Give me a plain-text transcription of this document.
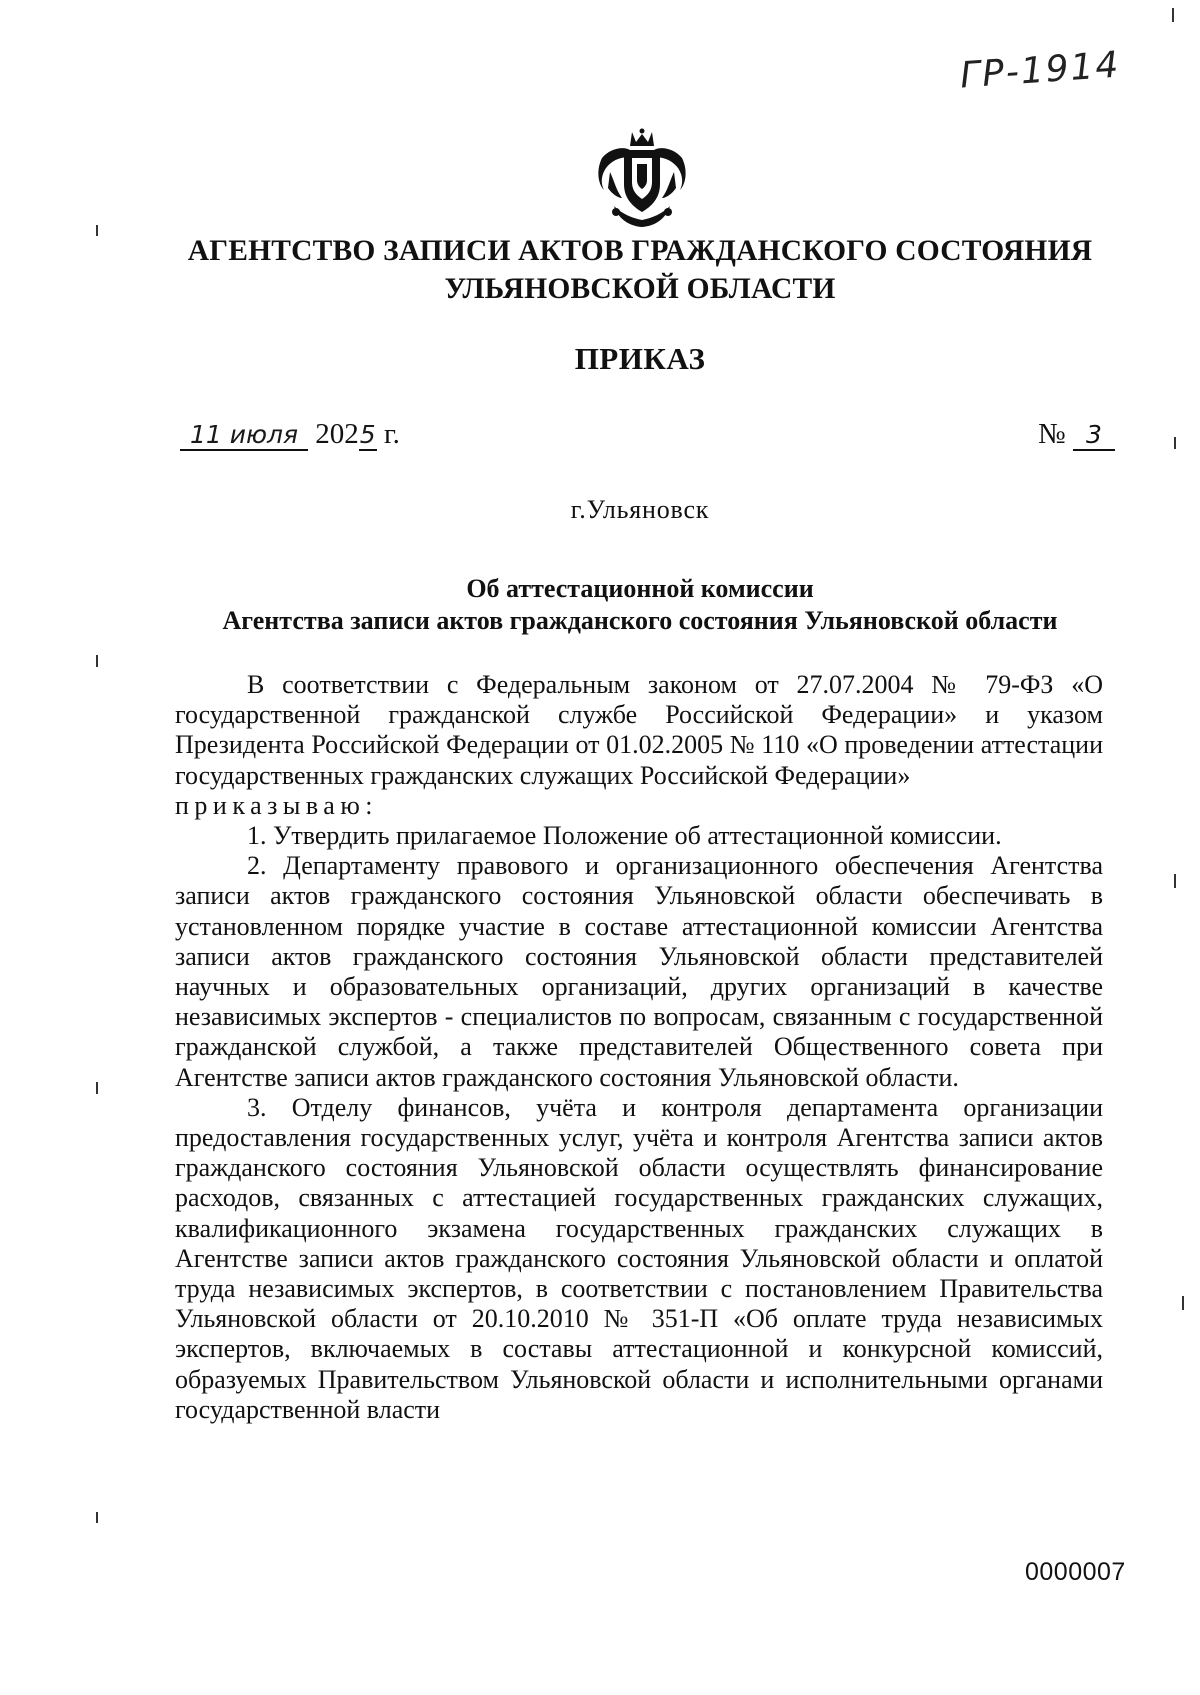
ГР-1914
АГЕНТСТВО ЗАПИСИ АКТОВ ГРАЖДАНСКОГО СОСТОЯНИЯ
УЛЬЯНОВСКОЙ ОБЛАСТИ
ПРИКАЗ
11 июля 2025 г.	№ 3
г.Ульяновск
Об аттестационной комиссии
Агентства записи актов гражданского состояния Ульяновской области

В соответствии с Федеральным законом от 27.07.2004 № 79-ФЗ «О государственной гражданской службе Российской Федерации» и указом Президента Российской Федерации от 01.02.2005 № 110 «О проведении аттестации государственных гражданских служащих Российской Федерации»

приказываю:

1. Утвердить прилагаемое Положение об аттестационной комиссии.

2. Департаменту правового и организационного обеспечения Агентства записи актов гражданского состояния Ульяновской области обеспечивать в установленном порядке участие в составе аттестационной комиссии Агентства записи актов гражданского состояния Ульяновской области представителей научных и образовательных организаций, других организаций в качестве независимых экспертов - специалистов по вопросам, связанным с государственной гражданской службой, а также представителей Общественного совета при Агентстве записи актов гражданского состояния Ульяновской области.

3. Отделу финансов, учёта и контроля департамента организации предоставления государственных услуг, учёта и контроля Агентства записи актов гражданского состояния Ульяновской области осуществлять финансирование расходов, связанных с аттестацией государственных гражданских служащих, квалификационного экзамена государственных гражданских служащих в Агентстве записи актов гражданского состояния Ульяновской области и оплатой труда независимых экспертов, в соответствии с постановлением Правительства Ульяновской области от 20.10.2010 № 351-П «Об оплате труда независимых экспертов, включаемых в составы аттестационной и конкурсной комиссий, образуемых Правительством Ульяновской области и исполнительными органами государственной власти

0000007
